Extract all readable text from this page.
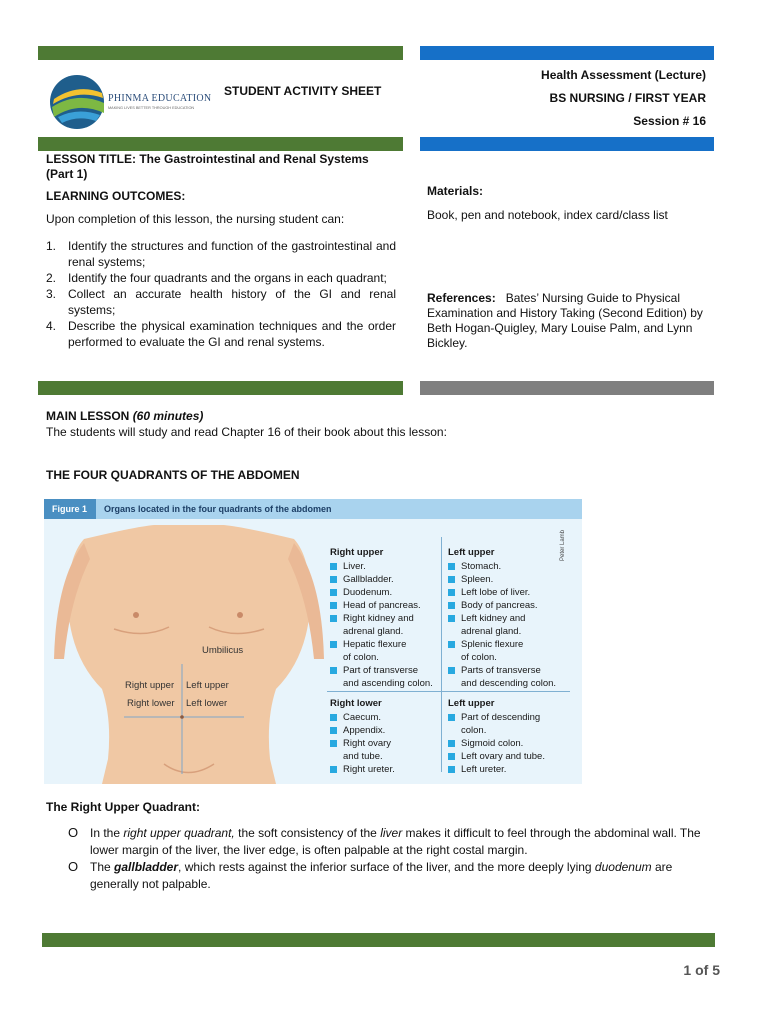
PHINMA EDUCATION
MAKING LIVES BETTER THROUGH EDUCATION
STUDENT ACTIVITY SHEET
Health Assessment (Lecture)
BS NURSING / FIRST YEAR
Session # 16
LESSON TITLE: The Gastrointestinal and Renal Systems (Part 1)
LEARNING OUTCOMES:
Upon completion of this lesson, the nursing student can:
1. Identify the structures and function of the gastrointestinal and renal systems;
2. Identify the four quadrants and the organs in each quadrant;
3. Collect an accurate health history of the GI and renal systems;
4. Describe the physical examination techniques and the order performed to evaluate the GI and renal systems.
Materials:
Book, pen and notebook, index card/class list
References: Bates’ Nursing Guide to Physical Examination and History Taking (Second Edition) by Beth Hogan-Quigley, Mary Louise Palm, and Lynn Bickley.
MAIN LESSON (60 minutes)
The students will study and read Chapter 16 of their book about this lesson:
THE FOUR QUADRANTS OF THE ABDOMEN
Figure 1	Organs located in the four quadrants of the abdomen
Umbilicus
Right upper Left upper
Right lower Left lower
Peter Lamb
Right upper
Liver.
Gallbladder.
Duodenum.
Head of pancreas.
Right kidney and
adrenal gland.
Hepatic flexure
of colon.
Part of transverse
and ascending colon.
Left upper
Stomach.
Spleen.
Left lobe of liver.
Body of pancreas.
Left kidney and
adrenal gland.
Splenic flexure
of colon.
Parts of transverse
and descending colon.
Right lower
Caecum.
Appendix.
Right ovary
and tube.
Right ureter.
Left upper
Part of descending
colon.
Sigmoid colon.
Left ovary and tube.
Left ureter.
The Right Upper Quadrant:
O In the right upper quadrant, the soft consistency of the liver makes it difficult to feel through the abdominal wall. The lower margin of the liver, the liver edge, is often palpable at the right costal margin.
O The gallbladder, which rests against the inferior surface of the liver, and the more deeply lying duodenum are generally not palpable.
1 of 5
